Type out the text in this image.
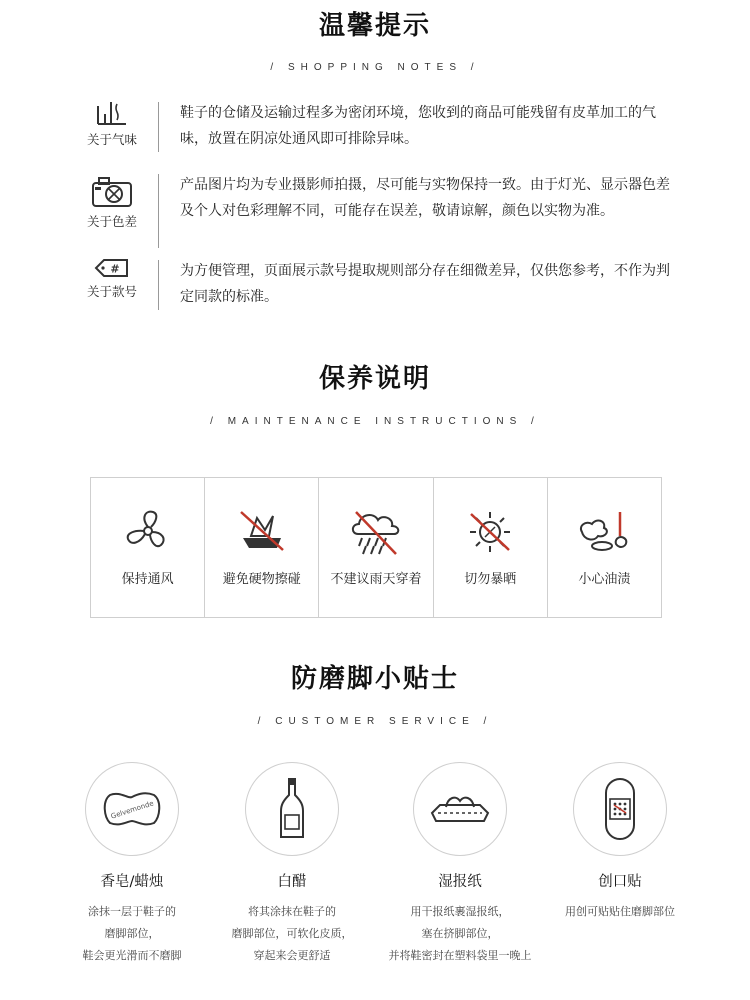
温馨提示
/ SHOPPING NOTES /
关于气味
鞋子的仓储及运输过程多为密闭环境，您收到的商品可能残留有皮革加工的气味，放置在阴凉处通风即可排除异味。
关于色差
产品图片均为专业摄影师拍摄，尽可能与实物保持一致。由于灯光、显示器色差及个人对色彩理解不同，可能存在误差，敬请谅解，颜色以实物为准。
#
关于款号
为方便管理，页面展示款号提取规则部分存在细微差异，仅供您参考，不作为判定同款的标准。
保养说明
/ MAINTENANCE INSTRUCTIONS /
保持通风	避免硬物擦碰 不建议雨天穿着	切勿暴晒	小心油渍
防磨脚小贴士
/ CUSTOMER SERVICE /
Gelvemonde
香皂/蜡烛
涂抹一层于鞋子的
磨脚部位，
鞋会更光滑而不磨脚
白醋
将其涂抹在鞋子的
磨脚部位，可软化皮质，
穿起来会更舒适
湿报纸
用干报纸裹湿报纸，
塞在挤脚部位，
并将鞋密封在塑料袋里一晚上
创口贴
用创可贴贴住磨脚部位
